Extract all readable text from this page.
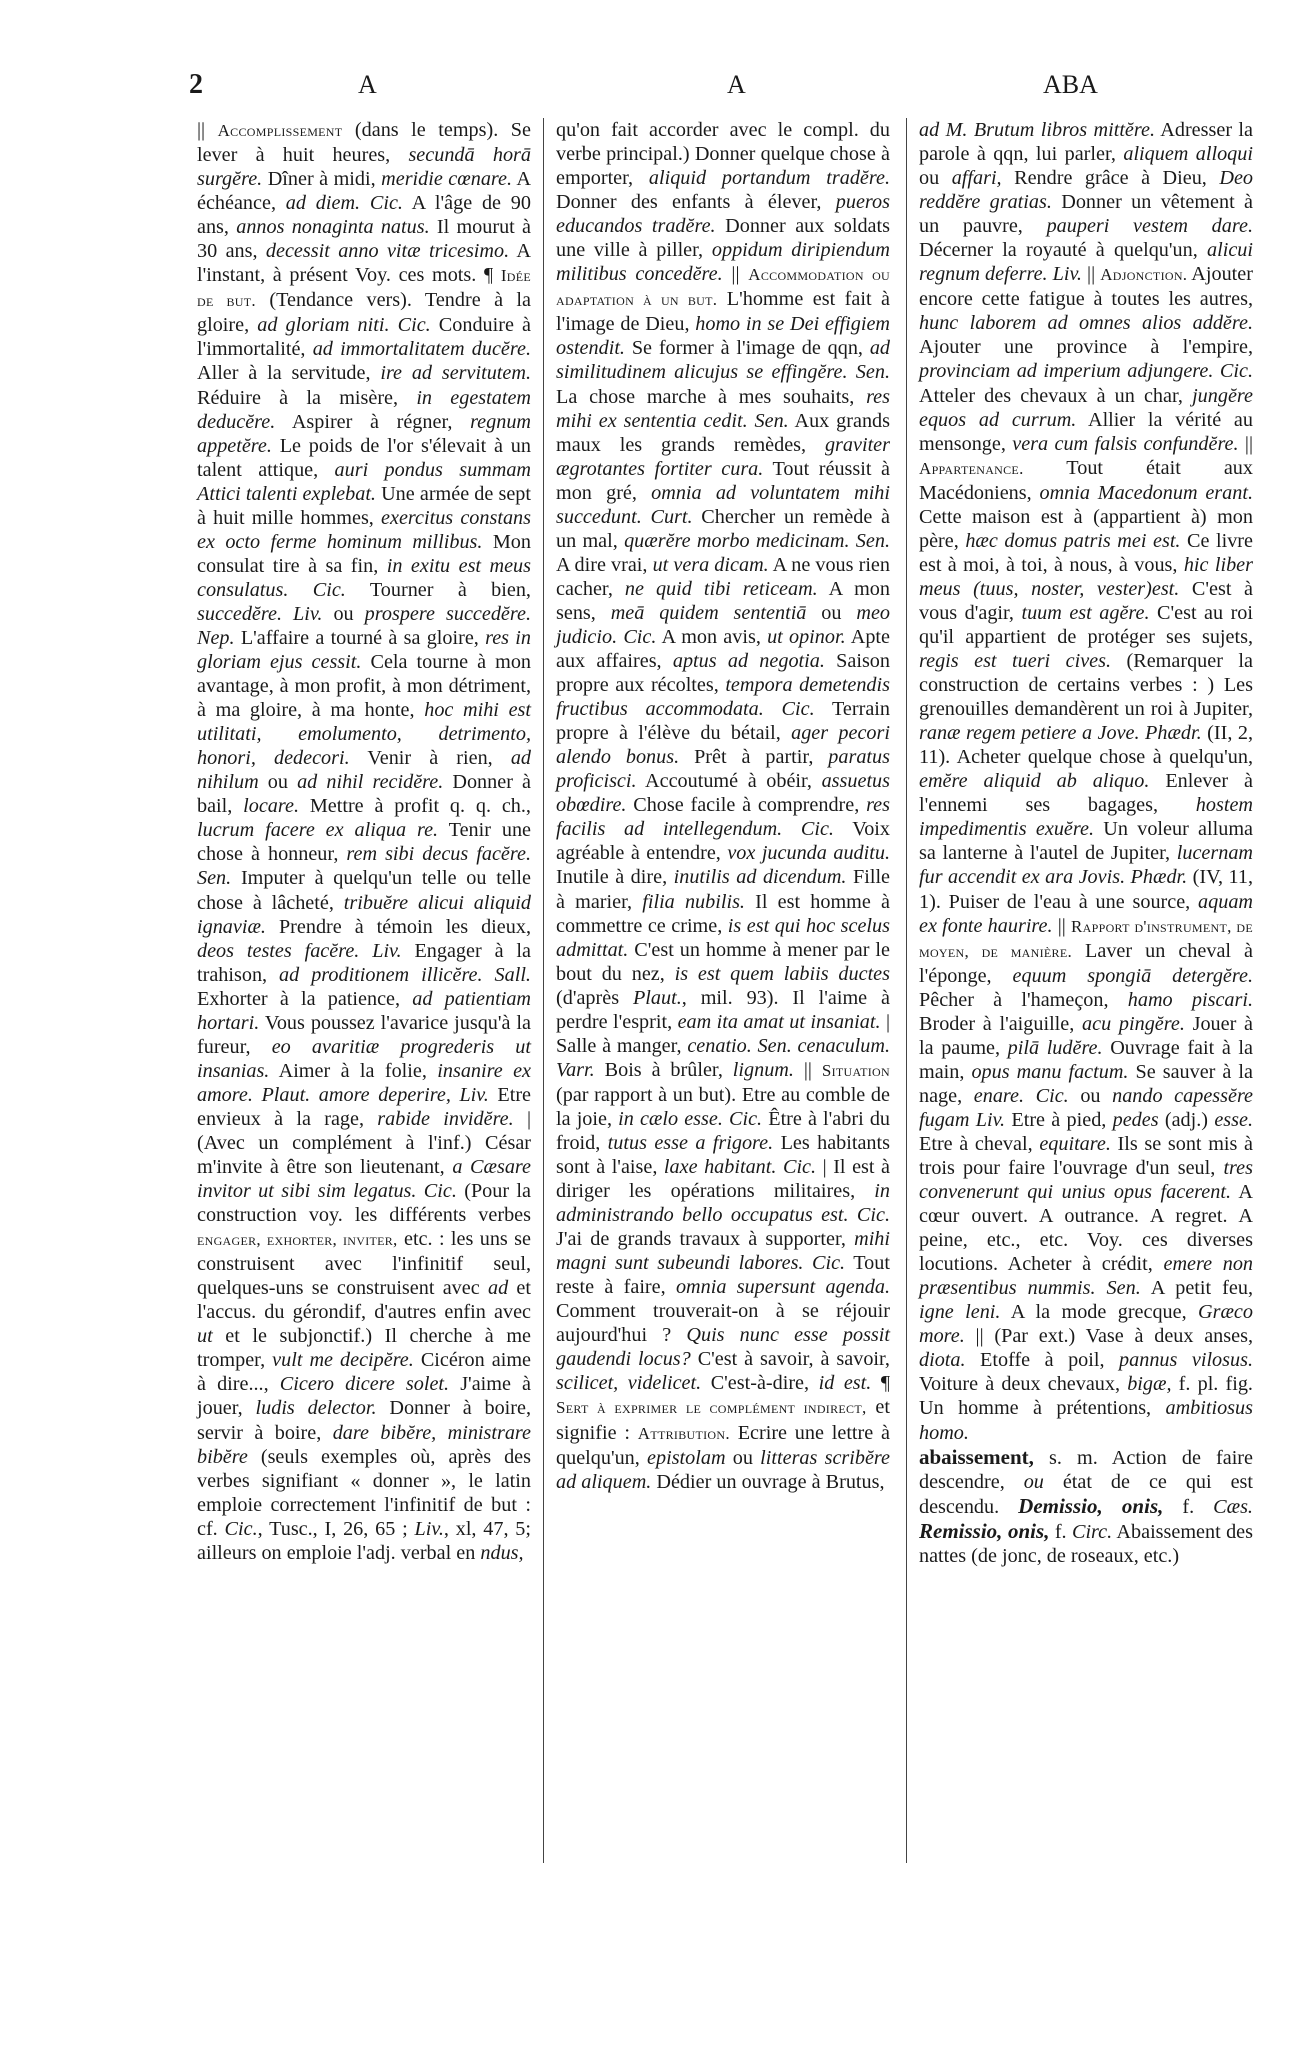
2	A	A	ABA

|| Accomplissement (dans le temps). Se lever à huit heures, secundā horā surgĕre. Dîner à midi, meridie cœnare. A échéance, ad diem. Cic. A l'âge de 90 ans, annos nonaginta natus. Il mourut à 30 ans, decessit anno vitæ tricesimo. A l'instant, à présent Voy. ces mots. ¶ Idée de but. (Tendance vers). Tendre à la gloire, ad gloriam niti. Cic. Conduire à l'immortalité, ad immortalitatem ducĕre. Aller à la servitude, ire ad servitutem. Réduire à la misère, in egestatem deducĕre. Aspirer à régner, regnum appetĕre. Le poids de l'or s'élevait à un talent attique, auri pondus summam Attici talenti explebat. Une armée de sept à huit mille hommes, exercitus constans ex octo ferme hominum millibus. Mon consulat tire à sa fin, in exitu est meus consulatus. Cic. Tourner à bien, succedĕre. Liv. ou prospere succedĕre. Nep. L'affaire a tourné à sa gloire, res in gloriam ejus cessit. Cela tourne à mon avantage, à mon profit, à mon détriment, à ma gloire, à ma honte, hoc mihi est utilitati, emolumento, detrimento, honori, dedecori. Venir à rien, ad nihilum ou ad nihil recidĕre. Donner à bail, locare. Mettre à profit q. q. ch., lucrum facere ex aliqua re. Tenir une chose à honneur, rem sibi decus facĕre. Sen. Imputer à quelqu'un telle ou telle chose à lâcheté, tribuĕre alicui aliquid ignaviæ. Prendre à témoin les dieux, deos testes facĕre. Liv. Engager à la trahison, ad proditionem illicĕre. Sall. Exhorter à la patience, ad patientiam hortari. Vous poussez l'avarice jusqu'à la fureur, eo avaritiæ progrederis ut insanias. Aimer à la folie, insanire ex amore. Plaut. amore deperire, Liv. Etre envieux à la rage, rabide invidĕre. | (Avec un complément à l'inf.) César m'invite à être son lieutenant, a Cæsare invitor ut sibi sim legatus. Cic. (Pour la construction voy. les différents verbes engager, exhorter, inviter, etc. : les uns se construisent avec l'infinitif seul, quelques-uns se construisent avec ad et l'accus. du gérondif, d'autres enfin avec ut et le subjonctif.) Il cherche à me tromper, vult me decipĕre. Cicéron aime à dire..., Cicero dicere solet. J'aime à jouer, ludis delector. Donner à boire, servir à boire, dare bibĕre, ministrare bibĕre (seuls exemples où, après des verbes signifiant « donner », le latin emploie correctement l'infinitif de but : cf. Cic., Tusc., I, 26, 65 ; Liv., xl, 47, 5; ailleurs on emploie l'adj. verbal en ndus,

qu'on fait accorder avec le compl. du verbe principal.) Donner quelque chose à emporter, aliquid portandum tradĕre. Donner des enfants à élever, pueros educandos tradĕre. Donner aux soldats une ville à piller, oppidum diripiendum militibus concedĕre. || Accommodation ou adaptation à un but. L'homme est fait à l'image de Dieu, homo in se Dei effigiem ostendit. Se former à l'image de qqn, ad similitudinem alicujus se effingĕre. Sen. La chose marche à mes souhaits, res mihi ex sententia cedit. Sen. Aux grands maux les grands remèdes, graviter ægrotantes fortiter cura. Tout réussit à mon gré, omnia ad voluntatem mihi succedunt. Curt. Chercher un remède à un mal, quærĕre morbo medicinam. Sen. A dire vrai, ut vera dicam. A ne vous rien cacher, ne quid tibi reticeam. A mon sens, meā quidem sententiā ou meo judicio. Cic. A mon avis, ut opinor. Apte aux affaires, aptus ad negotia. Saison propre aux récoltes, tempora demetendis fructibus accommodata. Cic. Terrain propre à l'élève du bétail, ager pecori alendo bonus. Prêt à partir, paratus proficisci. Accoutumé à obéir, assuetus obœdire. Chose facile à comprendre, res facilis ad intellegendum. Cic. Voix agréable à entendre, vox jucunda auditu. Inutile à dire, inutilis ad dicendum. Fille à marier, filia nubilis. Il est homme à commettre ce crime, is est qui hoc scelus admittat. C'est un homme à mener par le bout du nez, is est quem labiis ductes (d'après Plaut., mil. 93). Il l'aime à perdre l'esprit, eam ita amat ut insaniat. | Salle à manger, cenatio. Sen. cenaculum. Varr. Bois à brûler, lignum. || Situation (par rapport à un but). Etre au comble de la joie, in cælo esse. Cic. Être à l'abri du froid, tutus esse a frigore. Les habitants sont à l'aise, laxe habitant. Cic. | Il est à diriger les opérations militaires, in administrando bello occupatus est. Cic. J'ai de grands travaux à supporter, mihi magni sunt subeundi labores. Cic. Tout reste à faire, omnia supersunt agenda. Comment trouverait-on à se réjouir aujourd'hui ? Quis nunc esse possit gaudendi locus? C'est à savoir, à savoir, scilicet, videlicet. C'est-à-dire, id est. ¶ Sert à exprimer le complément indirect, et signifie : Attribution. Ecrire une lettre à quelqu'un, epistolam ou litteras scribĕre ad aliquem. Dédier un ouvrage à Brutus,

ad M. Brutum libros mittĕre. Adresser la parole à qqn, lui parler, aliquem alloqui ou affari, Rendre grâce à Dieu, Deo reddĕre gratias. Donner un vêtement à un pauvre, pauperi vestem dare. Décerner la royauté à quelqu'un, alicui regnum deferre. Liv. || Adjonction. Ajouter encore cette fatigue à toutes les autres, hunc laborem ad omnes alios addĕre. Ajouter une province à l'empire, provinciam ad imperium adjungere. Cic. Atteler des chevaux à un char, jungĕre equos ad currum. Allier la vérité au mensonge, vera cum falsis confundĕre. || Appartenance. Tout était aux Macédoniens, omnia Macedonum erant. Cette maison est à (appartient à) mon père, hæc domus patris mei est. Ce livre est à moi, à toi, à nous, à vous, hic liber meus (tuus, noster, vester)est. C'est à vous d'agir, tuum est agĕre. C'est au roi qu'il appartient de protéger ses sujets, regis est tueri cives. (Remarquer la construction de certains verbes : ) Les grenouilles demandèrent un roi à Jupiter, ranæ regem petiere a Jove. Phædr. (II, 2, 11). Acheter quelque chose à quelqu'un, emĕre aliquid ab aliquo. Enlever à l'ennemi ses bagages, hostem impedimentis exuĕre. Un voleur alluma sa lanterne à l'autel de Jupiter, lucernam fur accendit ex ara Jovis. Phædr. (IV, 11, 1). Puiser de l'eau à une source, aquam ex fonte haurire. || Rapport d'instrument, de moyen, de manière. Laver un cheval à l'éponge, equum spongiā detergĕre. Pêcher à l'hameçon, hamo piscari. Broder à l'aiguille, acu pingĕre. Jouer à la paume, pilā ludĕre. Ouvrage fait à la main, opus manu factum. Se sauver à la nage, enare. Cic. ou nando capessĕre fugam Liv. Etre à pied, pedes (adj.) esse. Etre à cheval, equitare. Ils se sont mis à trois pour faire l'ouvrage d'un seul, tres convenerunt qui unius opus facerent. A cœur ouvert. A outrance. A regret. A peine, etc., etc. Voy. ces diverses locutions. Acheter à crédit, emere non præsentibus nummis. Sen. A petit feu, igne leni. A la mode grecque, Græco more. || (Par ext.) Vase à deux anses, diota. Etoffe à poil, pannus vilosus. Voiture à deux chevaux, bigæ, f. pl. fig. Un homme à prétentions, ambitiosus homo.

abaissement, s. m. Action de faire descendre, ou état de ce qui est descendu. Demissio, onis, f. Cæs. Remissio, onis, f. Circ. Abaissement des nattes (de jonc, de roseaux, etc.)
